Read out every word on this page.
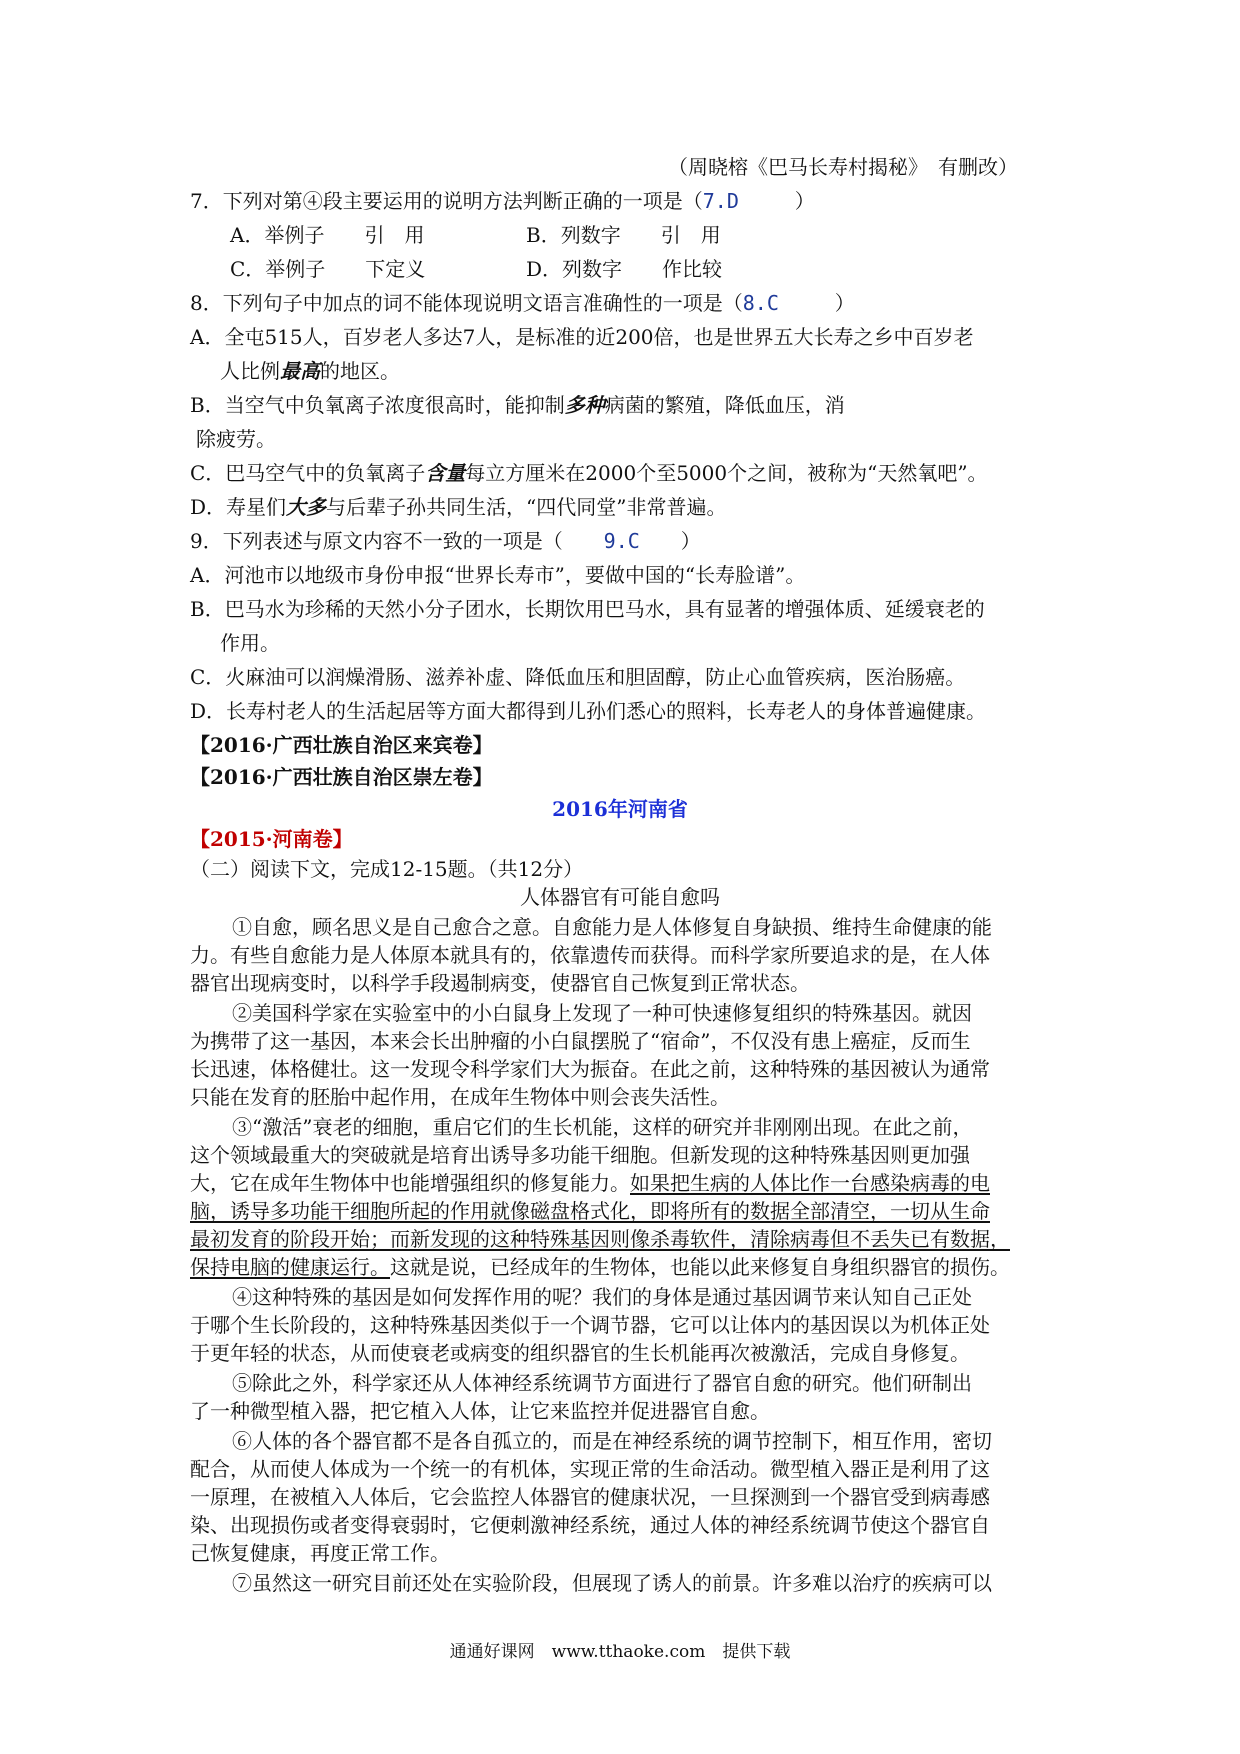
（周晓榕《巴马长寿村揭秘》　有删改）
7．下列对第④段主要运用的说明方法判断正确的一项是（7.D	）
A．举例子　　引　用	B．列数字　　引　用
C．举例子　　下定义	D．列数字　　作比较
8．下列句子中加点的词不能体现说明文语言准确性的一项是（8.C	）
A．全屯515人，百岁老人多达7人，是标准的近200倍，也是世界五大长寿之乡中百岁老
人比例最高的地区。
B．当空气中负氧离子浓度很高时，能抑制多种病菌的繁殖，降低血压，消
除疲劳。
C．巴马空气中的负氧离子含量每立方厘米在2000个至5000个之间，被称为“天然氧吧”。
D．寿星们大多与后辈子孙共同生活，“四代同堂”非常普遍。
9．下列表述与原文内容不一致的一项是（ 9.C ）
A．河池市以地级市身份申报“世界长寿市”，要做中国的“长寿脸谱”。
B．巴马水为珍稀的天然小分子团水，长期饮用巴马水，具有显著的增强体质、延缓衰老的
作用。
C．火麻油可以润燥滑肠、滋养补虚、降低血压和胆固醇，防止心血管疾病，医治肠癌。
D．长寿村老人的生活起居等方面大都得到儿孙们悉心的照料，长寿老人的身体普遍健康。
【2016·广西壮族自治区来宾卷】
【2016·广西壮族自治区崇左卷】
2016年河南省
【2015·河南卷】
（二）阅读下文，完成12-15题。（共12分）
人体器官有可能自愈吗
①自愈，顾名思义是自己愈合之意。自愈能力是人体修复自身缺损、维持生命健康的能
力。有些自愈能力是人体原本就具有的，依靠遗传而获得。而科学家所要追求的是，在人体
器官出现病变时，以科学手段遏制病变，使器官自己恢复到正常状态。
②美国科学家在实验室中的小白鼠身上发现了一种可快速修复组织的特殊基因。就因
为携带了这一基因，本来会长出肿瘤的小白鼠摆脱了“宿命”，不仅没有患上癌症，反而生
长迅速，体格健壮。这一发现令科学家们大为振奋。在此之前，这种特殊的基因被认为通常
只能在发育的胚胎中起作用，在成年生物体中则会丧失活性。
③“激活”衰老的细胞，重启它们的生长机能，这样的研究并非刚刚出现。在此之前，
这个领域最重大的突破就是培育出诱导多功能干细胞。但新发现的这种特殊基因则更加强
大，它在成年生物体中也能增强组织的修复能力。如果把生病的人体比作一台感染病毒的电
脑，诱导多功能干细胞所起的作用就像磁盘格式化，即将所有的数据全部清空，一切从生命
最初发育的阶段开始；而新发现的这种特殊基因则像杀毒软件，清除病毒但不丢失已有数据，
保持电脑的健康运行。这就是说，已经成年的生物体，也能以此来修复自身组织器官的损伤。
④这种特殊的基因是如何发挥作用的呢？我们的身体是通过基因调节来认知自己正处
于哪个生长阶段的，这种特殊基因类似于一个调节器，它可以让体内的基因误以为机体正处
于更年轻的状态，从而使衰老或病变的组织器官的生长机能再次被激活，完成自身修复。
⑤除此之外，科学家还从人体神经系统调节方面进行了器官自愈的研究。他们研制出
了一种微型植入器，把它植入人体，让它来监控并促进器官自愈。
⑥人体的各个器官都不是各自孤立的，而是在神经系统的调节控制下，相互作用，密切
配合，从而使人体成为一个统一的有机体，实现正常的生命活动。微型植入器正是利用了这
一原理，在被植入人体后，它会监控人体器官的健康状况，一旦探测到一个器官受到病毒感
染、出现损伤或者变得衰弱时，它便刺激神经系统，通过人体的神经系统调节使这个器官自
己恢复健康，再度正常工作。
⑦虽然这一研究目前还处在实验阶段，但展现了诱人的前景。许多难以治疗的疾病可以
通通好课网　www.tthaoke.com　提供下载
